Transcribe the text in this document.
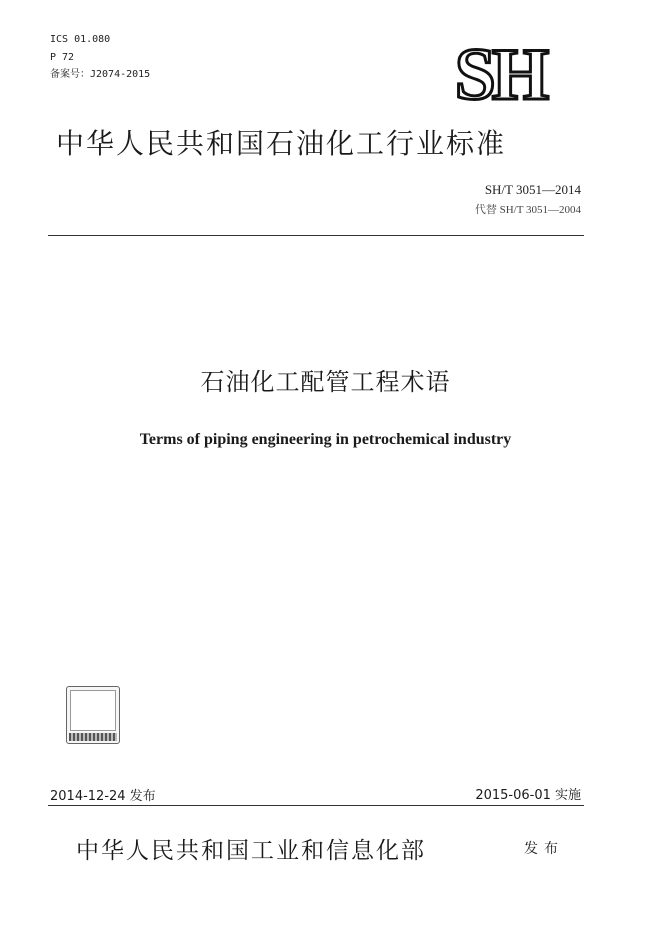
ICS 01.080
P 72
备案号：J2074-2015	SH
中华人民共和国石油化工行业标准
SH/T 3051—2014
代替 SH/T 3051—2004
石油化工配管工程术语
Terms of piping engineering in petrochemical industry
2014-12-24 发布	2015-06-01 实施
中华人民共和国工业和信息化部	发布
